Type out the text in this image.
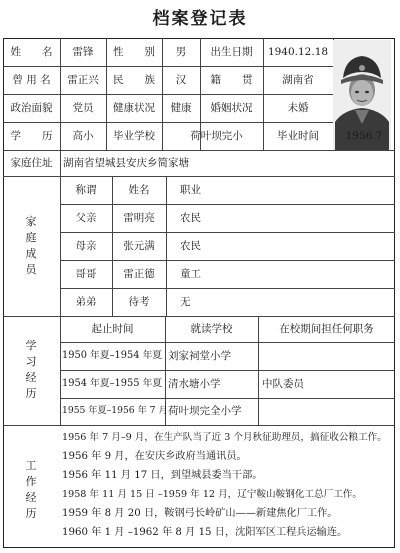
档案登记表
姓　　名	雷锋	性　　别	男	出生日期	1940.12.18
曾 用 名	雷正兴	民　　族	汉	籍　　贯	湖南省
政治面貌	党员	健康状况	健康	婚姻状况	未婚
学　　历	高小	毕业学校	荷叶坝完小	毕业时间	1956.7
家庭住址	湖南省望城县安庆乡简家塘
家庭成员
称谓	姓名	职业
父亲	雷明亮	农民
母亲	张元满	农民
哥哥	雷正德	童工
弟弟	待考	无
学习经历
起止时间	就读学校	在校期间担任何职务
1950 年夏–1954 年夏 刘家祠堂小学
1954 年夏–1955 年夏 清水塘小学	中队委员
1955 年夏–1956 年 7 月 荷叶坝完全小学
工作经历
1956 年 7 月–9 月，在生产队当了近 3 个月秋征助理员，搞征收公粮工作。
1956 年 9 月，在安庆乡政府当通讯员。
1956 年 11 月 17 日，到望城县委当干部。
1958 年 11 月 15 日 –1959 年 12 月，辽宁鞍山鞍钢化工总厂工作。
1959 年 8 月 20 日，鞍钢弓长岭矿山——新建焦化厂工作。
1960 年 1 月 –1962 年 8 月 15 日，沈阳军区工程兵运输连。
